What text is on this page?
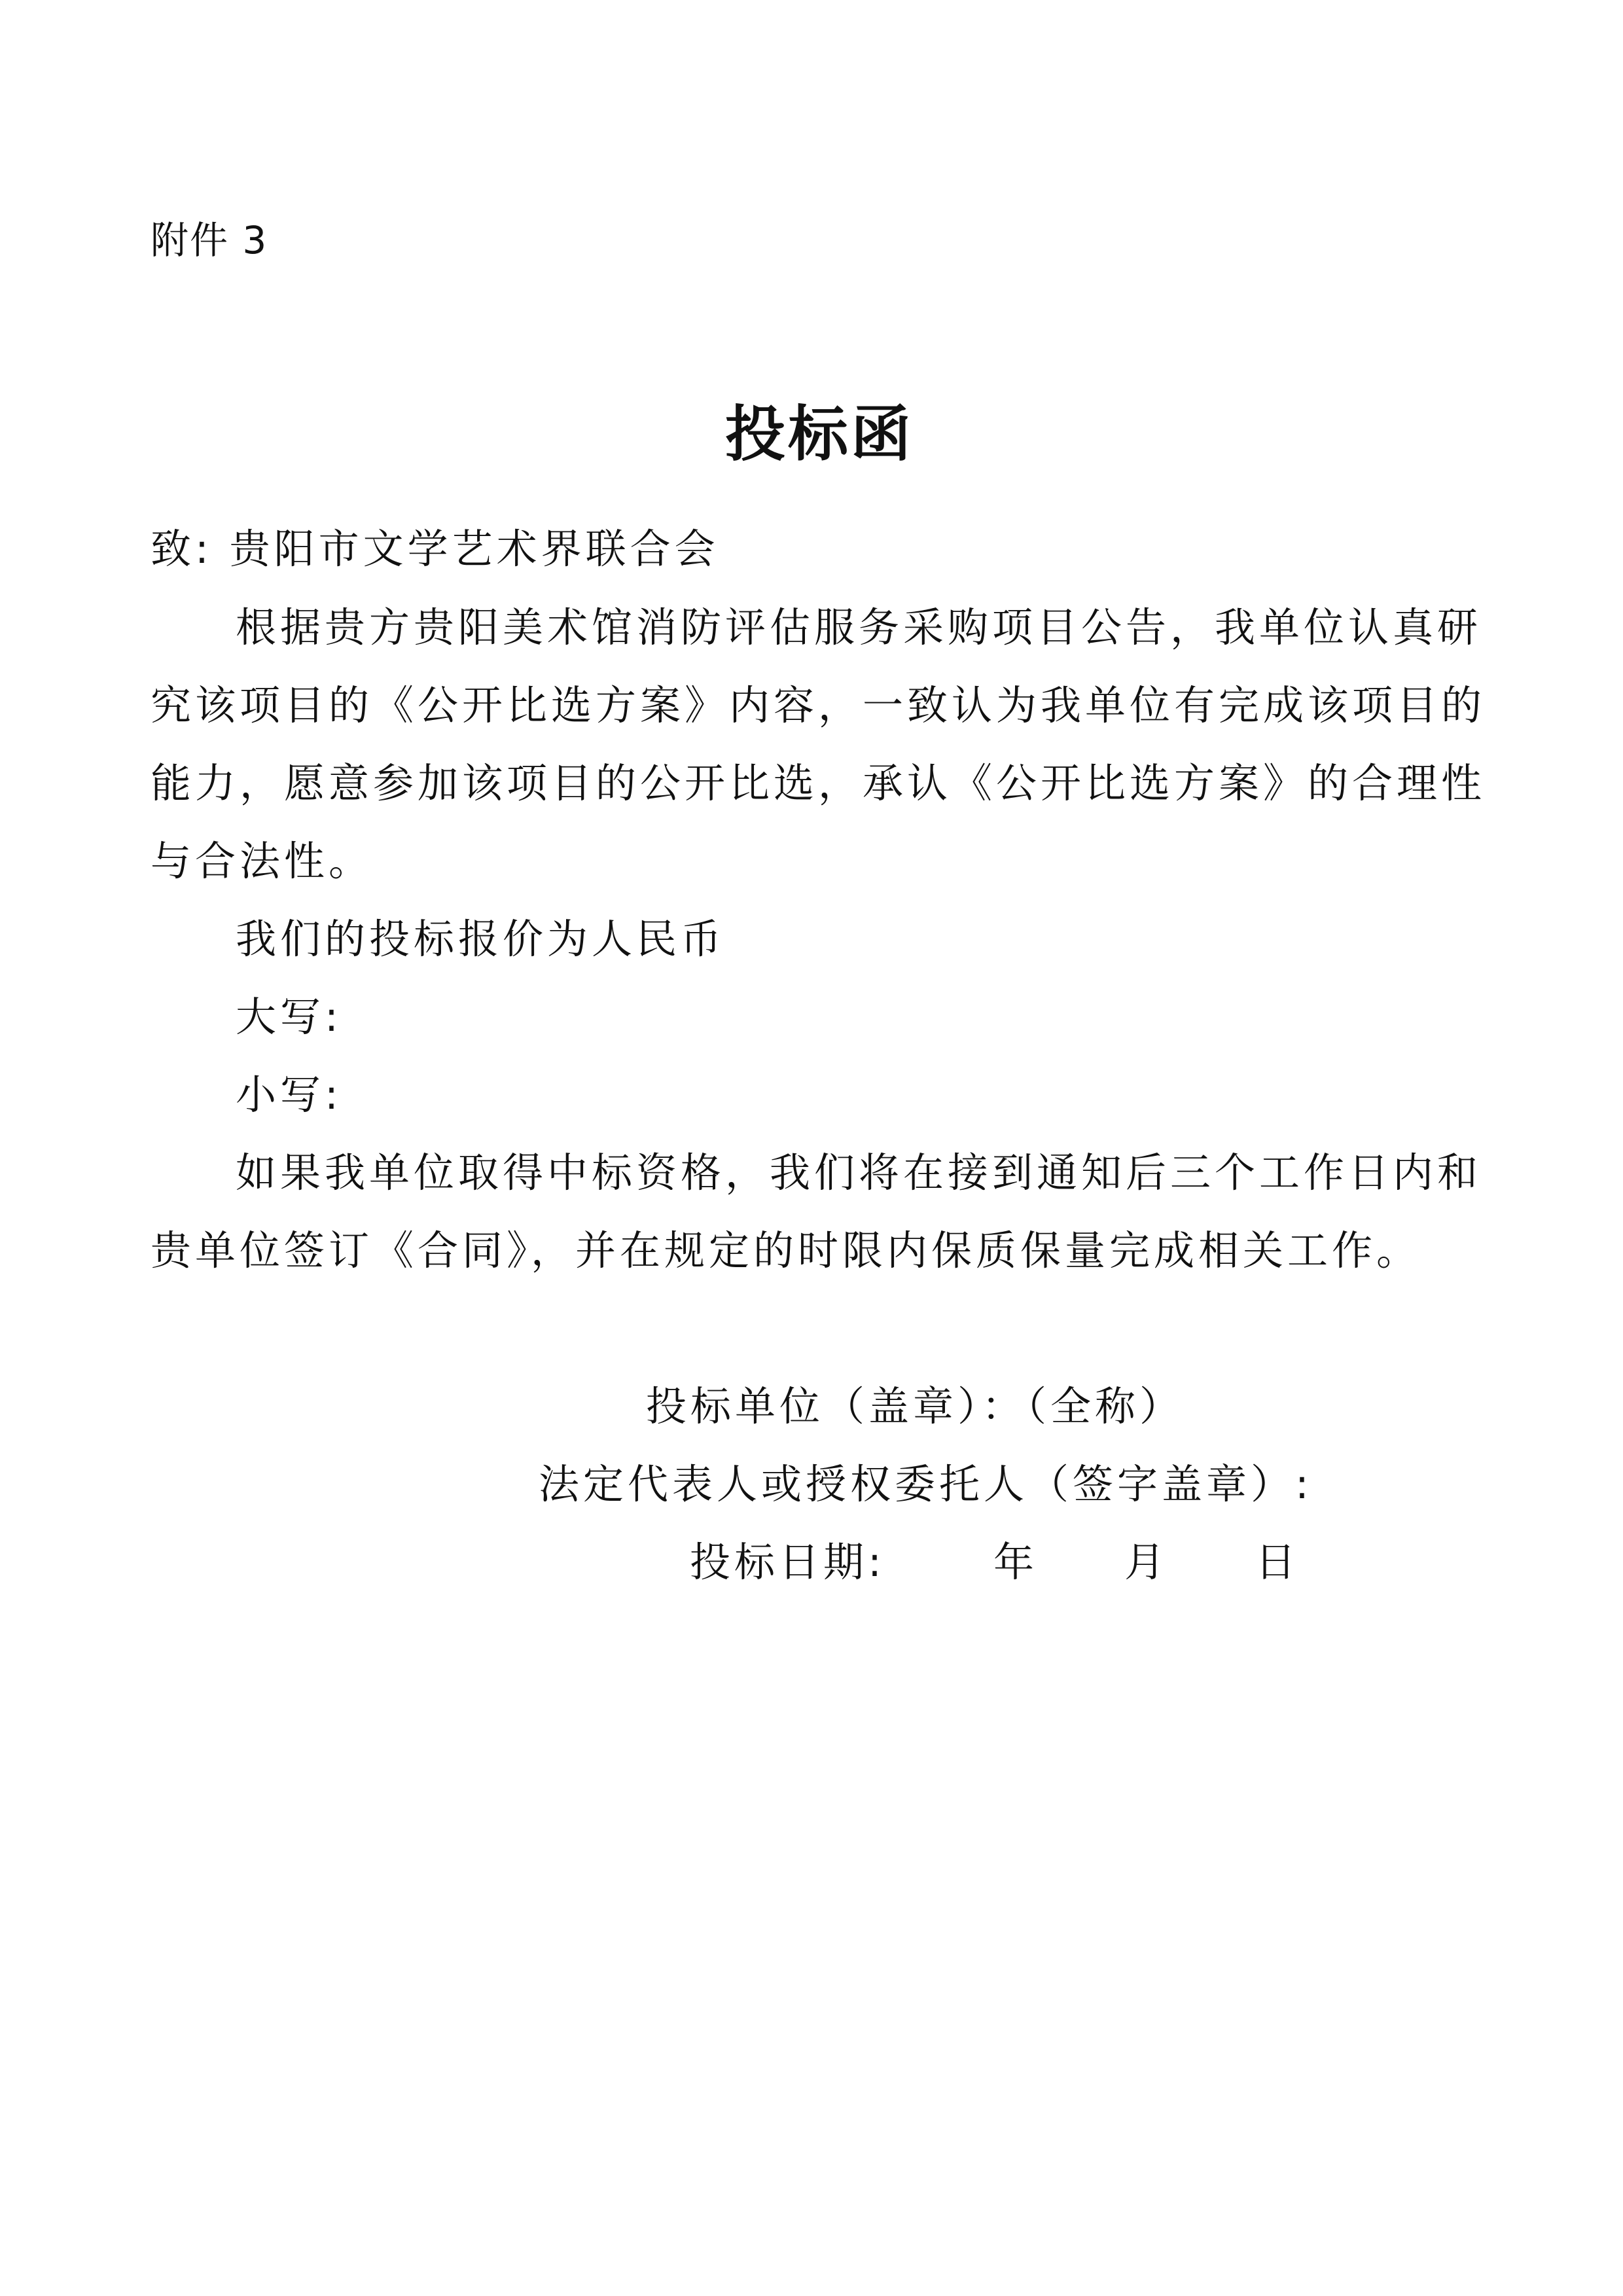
附件 3
投标函
致: 贵阳市文学艺术界联合会
根据贵方贵阳美术馆消防评估服务采购项目公告，我单位认真研
究该项目的《公开比选方案》内容，一致认为我单位有完成该项目的
能力，愿意参加该项目的公开比选，承认《公开比选方案》的合理性
与合法性。
我们的投标报价为人民币
大写:
小写:
如果我单位取得中标资格，我们将在接到通知后三个工作日内和
贵单位签订《合同》，并在规定的时限内保质保量完成相关工作。
投标单位（盖章）：（全称）
法定代表人或授权委托人（签字盖章）:
投标日期:	年 月 日
